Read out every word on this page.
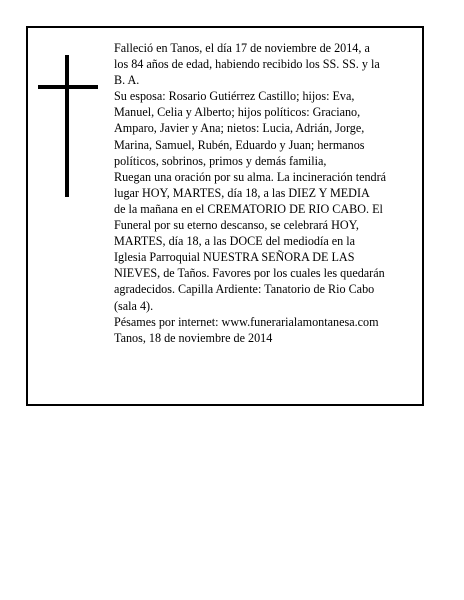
Falleció en Tanos, el día 17 de noviembre de 2014, a
los 84 años de edad, habiendo recibido los SS. SS. y la
B. A.
Su esposa: Rosario Gutiérrez Castillo; hijos: Eva,
Manuel, Celia y Alberto; hijos políticos: Graciano,
Amparo, Javier y Ana; nietos: Lucia, Adrián, Jorge,
Marina, Samuel, Rubén, Eduardo y Juan; hermanos
políticos, sobrinos, primos y demás familia,
Ruegan una oración por su alma. La incineración tendrá
lugar HOY, MARTES, día 18, a las DIEZ Y MEDIA
de la mañana en el CREMATORIO DE RIO CABO. El
Funeral por su eterno descanso, se celebrará HOY,
MARTES, día 18, a las DOCE del mediodía en la
Iglesia Parroquial NUESTRA SEÑORA DE LAS
NIEVES, de Taños. Favores por los cuales les quedarán
agradecidos. Capilla Ardiente: Tanatorio de Rio Cabo
(sala 4).
Pésames por internet: www.funerarialamontanesa.com
Tanos, 18 de noviembre de 2014
